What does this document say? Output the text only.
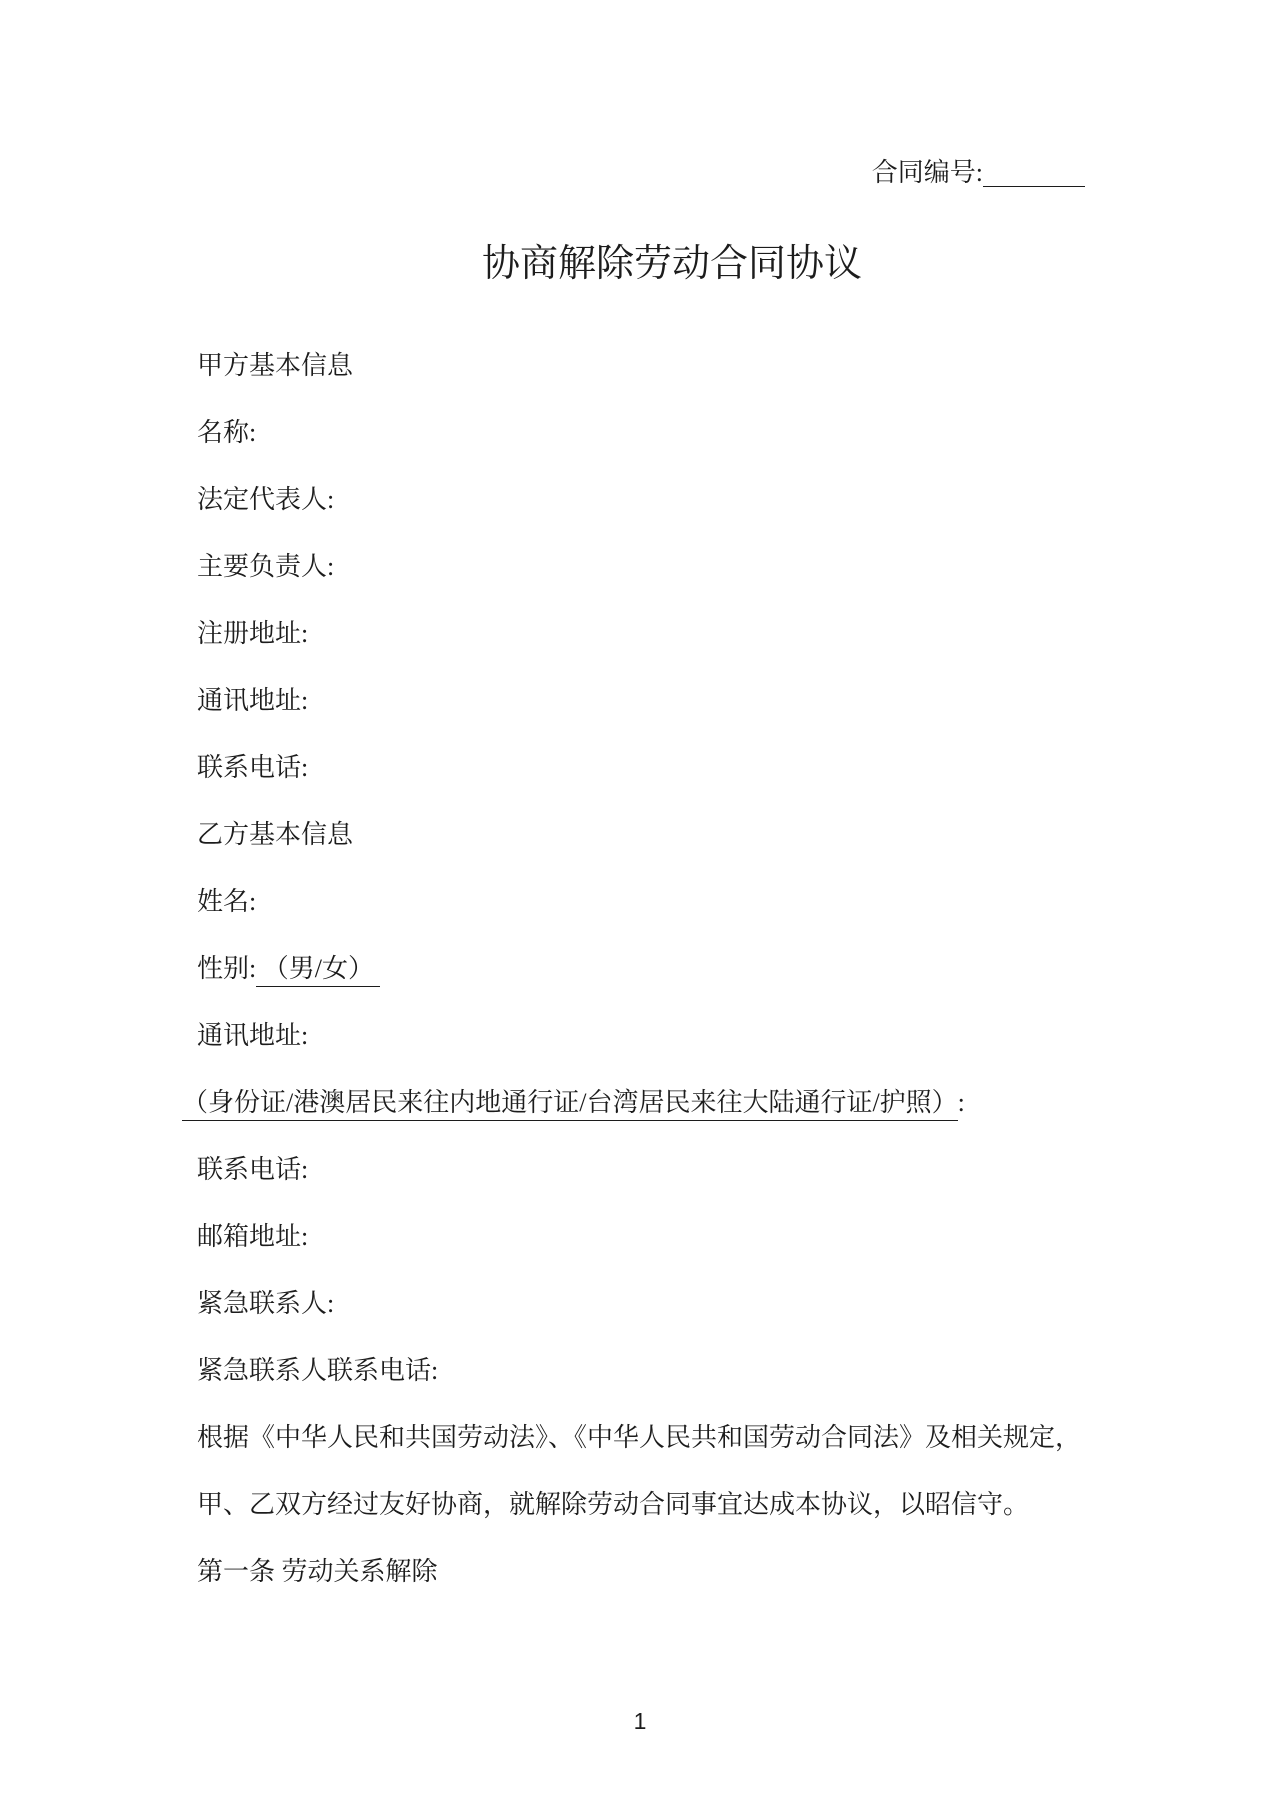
合同编号:
协商解除劳动合同协议
甲方基本信息
名称:
法定代表人:
主要负责人:
注册地址:
通讯地址:
联系电话:
乙方基本信息
姓名:
性别: （男/女）
通讯地址:
（身份证/港澳居民来往内地通行证/台湾居民来往大陆通行证/护照）:
联系电话:
邮箱地址:
紧急联系人:
紧急联系人联系电话:
根据《中华人民和共国劳动法》、《中华人民共和国劳动合同法》及相关规定，
甲、乙双方经过友好协商，就解除劳动合同事宜达成本协议，以昭信守。
第一条 劳动关系解除
1
